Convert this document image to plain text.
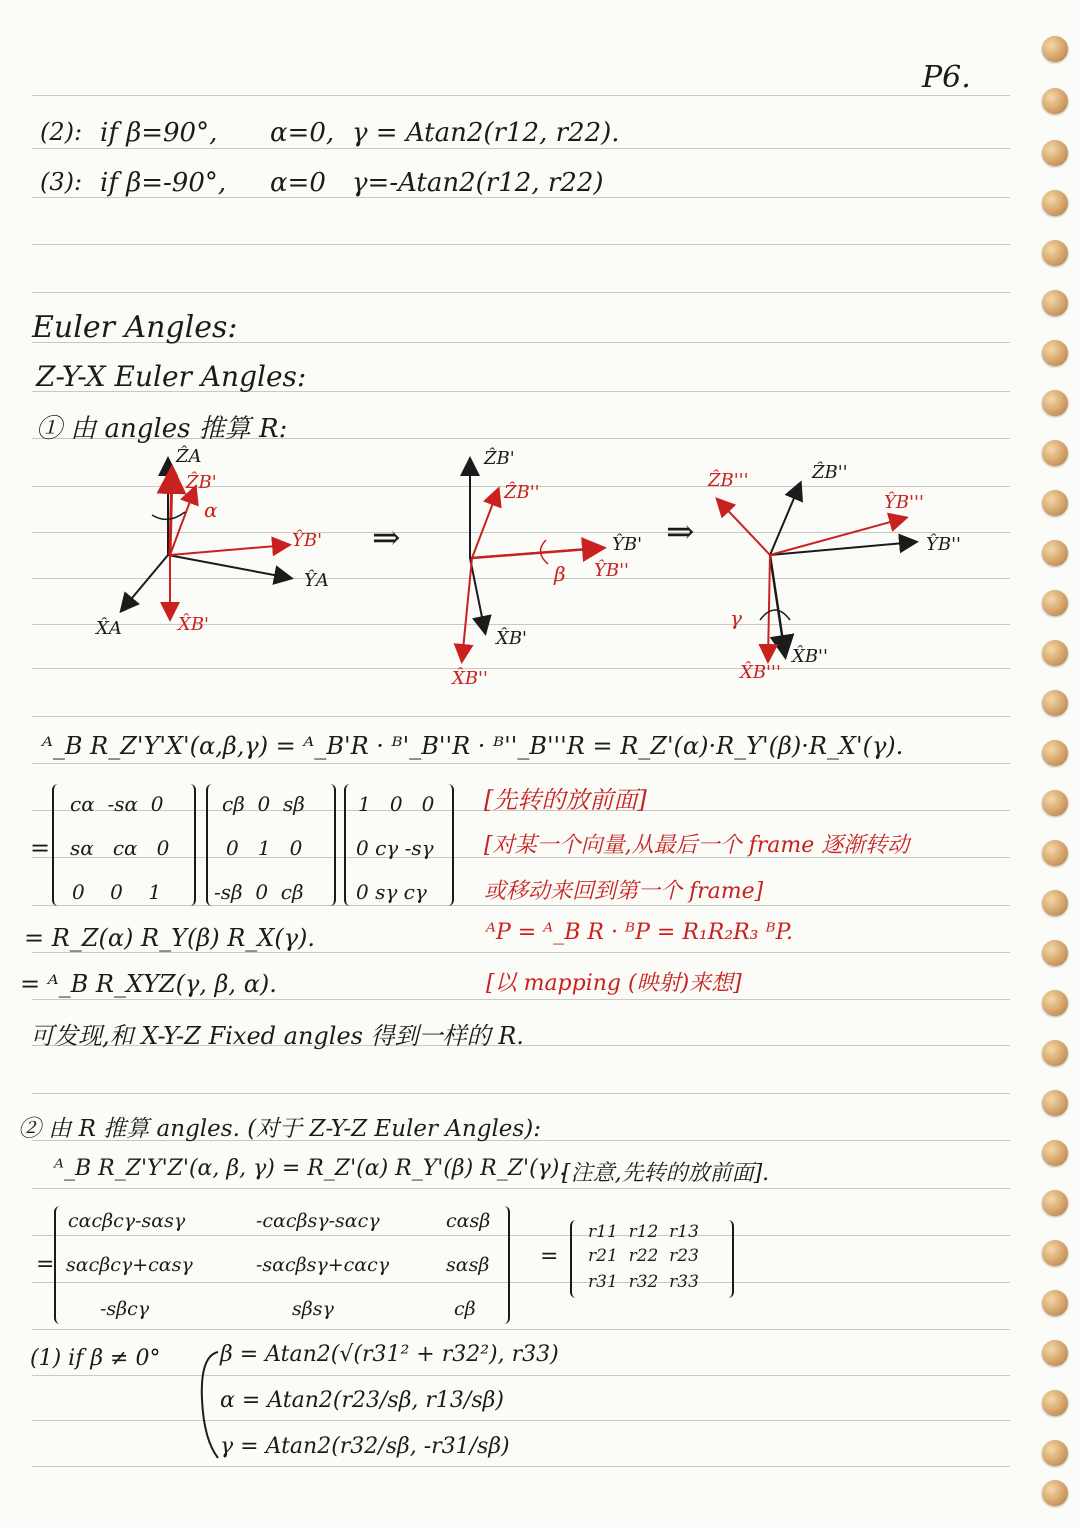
P6.
(2): if β=90°, α=0, γ = Atan2(r12, r22).
(3): if β=-90°, α=0 γ=-Atan2(r12, r22)
Euler Angles:
Z-Y-X Euler Angles:
① 由 angles 推算 R:
ẐA
ẐB'
α
ŶB'
ŶA
X̂A	X̂B'
⇒
ẐB'
ẐB''
β
ŶB'
ŶB''
X̂B'
X̂B''
⇒
ẐB'''	ẐB''
ŶB'''
ŶB''
γ
X̂B'''
X̂B''
ᴬ_B R_Z'Y'X'(α,β,γ) = ᴬ_B'R · ᴮ'_B''R · ᴮ''_B'''R = R_Z'(α)·R_Y'(β)·R_X'(γ).
=
cα -sα 0
sα cα 0
0 0 1
cβ 0 sβ
0 1 0
-sβ 0 cβ
1 0 0
0 cγ -sγ
0 sγ cγ
[先转的放前面]
[对某一个向量,从最后一个 frame 逐渐转动
或移动来回到第一个 frame]
ᴬP = ᴬ_B R · ᴮP = R₁R₂R₃ ᴮP.
[以 mapping (映射)来想]
= R_Z(α) R_Y(β) R_X(γ).
= ᴬ_B R_XYZ(γ, β, α).
可发现,和 X-Y-Z Fixed angles 得到一样的 R.
② 由 R 推算 angles. (对于 Z-Y-Z Euler Angles):
ᴬ_B R_Z'Y'Z'(α, β, γ) = R_Z'(α) R_Y'(β) R_Z'(γ).
[注意,先转的放前面].
=
cαcβcγ-sαsγ	-cαcβsγ-sαcγ	cαsβ
sαcβcγ+cαsγ	-sαcβsγ+cαcγ	sαsβ
-sβcγ	sβsγ	cβ
=
r11 r12 r13
r21 r22 r23
r31 r32 r33
(1) if β ≠ 0°	β = Atan2(√(r31² + r32²), r33)
α = Atan2(r23/sβ, r13/sβ)
γ = Atan2(r32/sβ, -r31/sβ)
